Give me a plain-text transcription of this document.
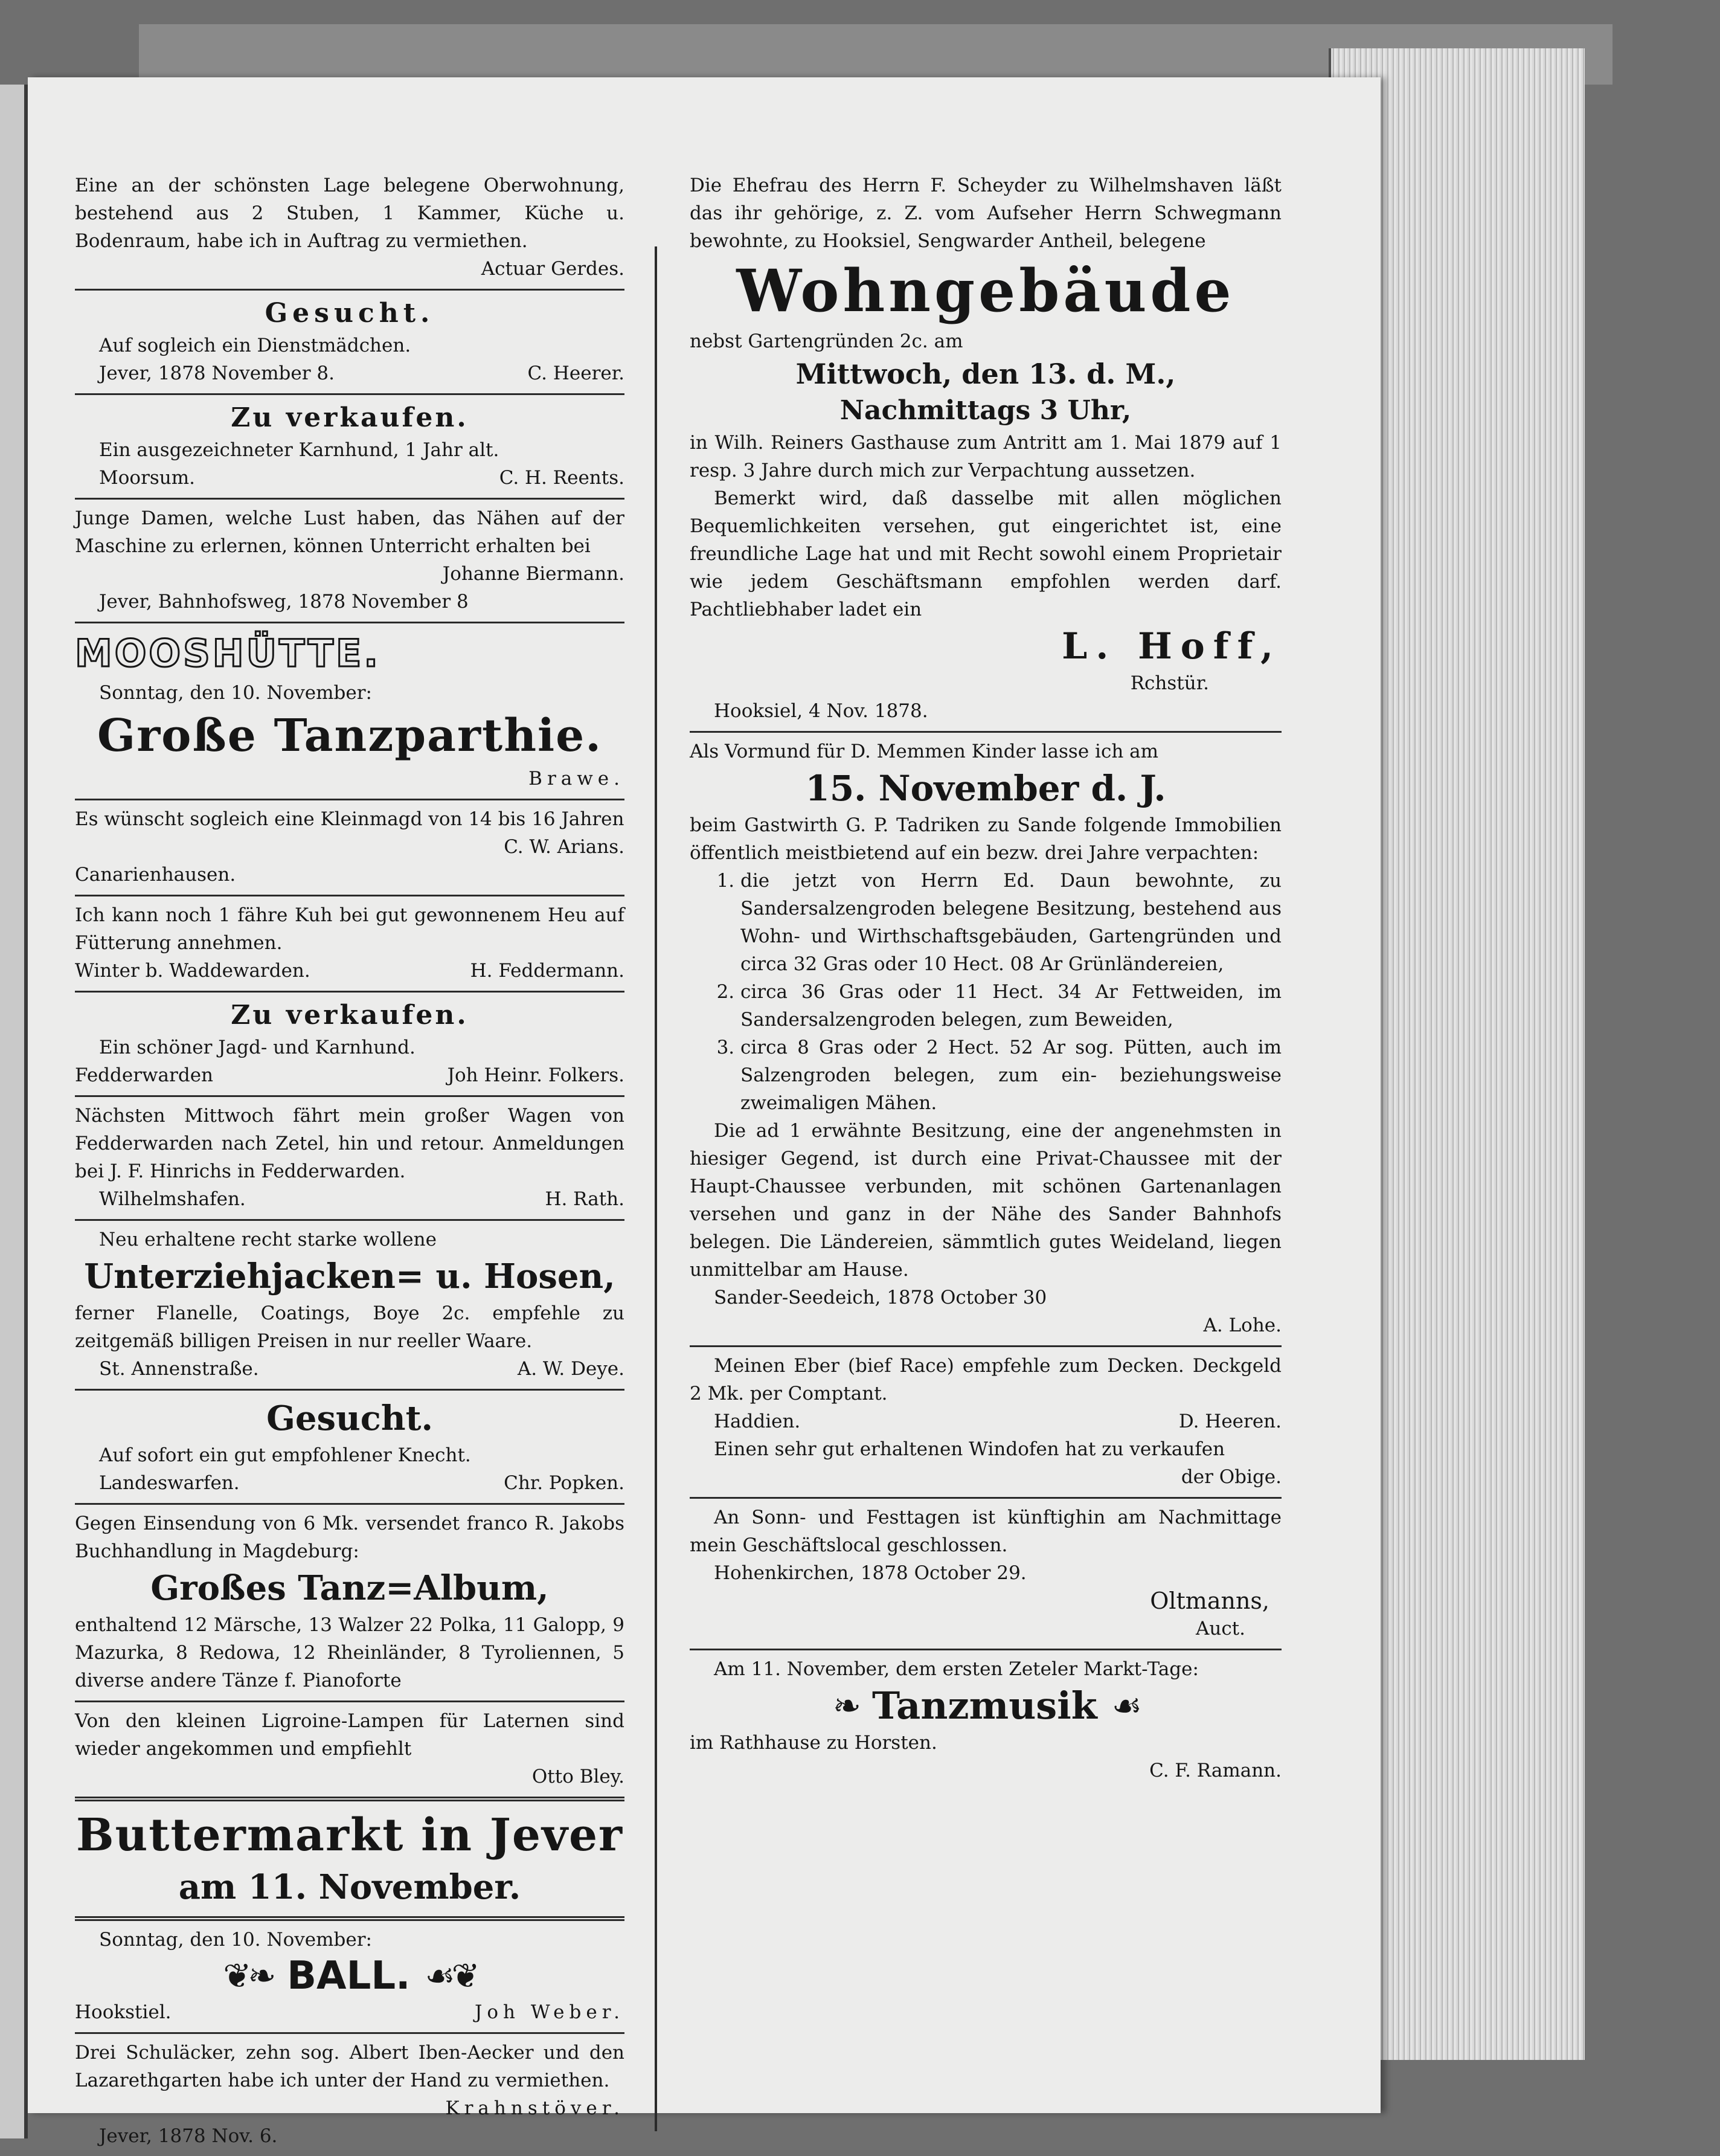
Eine an der schönsten Lage belegene Oberwohnung, bestehend aus 2 Stuben, 1 Kammer, Küche u. Bodenraum, habe ich in Auftrag zu vermiethen.

Actuar Gerdes.

Gesucht.

Auf sogleich ein Dienstmädchen.

Jever, 1878 November 8.	C. Heerer.
Zu verkaufen.

Ein ausgezeichneter Karnhund, 1 Jahr alt.

Moorsum.	C. H. Reents.

Junge Damen, welche Lust haben, das Nähen auf der Maschine zu erlernen, können Unterricht erhalten bei

Johanne Biermann.

Jever, Bahnhofsweg, 1878 November 8

MOOSHÜTTE.

Sonntag, den 10. November:

Große Tanzparthie.

Brawe.

Es wünscht sogleich eine Kleinmagd von 14 bis 16 Jahren

C. W. Arians.

Canarienhausen.

Ich kann noch 1 fähre Kuh bei gut gewonnenem Heu auf Fütterung annehmen.

Winter b. Waddewarden.	H. Feddermann.
Zu verkaufen.

Ein schöner Jagd- und Karnhund.

Fedderwarden	Joh Heinr. Folkers.

Nächsten Mittwoch fährt mein großer Wagen von Fedderwarden nach Zetel, hin und retour. Anmeldungen bei J. F. Hinrichs in Fedderwarden.

Wilhelmshafen.	H. Rath.

Neu erhaltene recht starke wollene

Unterziehjacken= u. Hosen,

ferner Flanelle, Coatings, Boye 2c. empfehle zu zeitgemäß billigen Preisen in nur reeller Waare.

St. Annenstraße.	A. W. Deye.
Gesucht.

Auf sofort ein gut empfohlener Knecht.

Landeswarfen.	Chr. Popken.

Gegen Einsendung von 6 Mk. versendet franco R. Jakobs Buchhandlung in Magdeburg:

Großes Tanz=Album,

enthaltend 12 Märsche, 13 Walzer 22 Polka, 11 Galopp, 9 Mazurka, 8 Redowa, 12 Rheinländer, 8 Tyroliennen, 5 diverse andere Tänze f. Pianoforte

Von den kleinen Ligroine-Lampen für Laternen sind wieder angekommen und empfiehlt

Otto Bley.

Buttermarkt in Jever
am 11. November.

Sonntag, den 10. November:

❦❧ BALL. ☙❦
Hookstiel.	Joh Weber.

Drei Schuläcker, zehn sog. Albert Iben-Aecker und den Lazarethgarten habe ich unter der Hand zu vermiethen.

Krahnstöver.

Jever, 1878 Nov. 6.

Die Ehefrau des Herrn F. Scheyder zu Wilhelmshaven läßt das ihr gehörige, z. Z. vom Aufseher Herrn Schwegmann bewohnte, zu Hooksiel, Sengwarder Antheil, belegene

Wohngebäude

nebst Gartengründen 2c. am

Mittwoch, den 13. d. M.,
Nachmittags 3 Uhr,

in Wilh. Reiners Gasthause zum Antritt am 1. Mai 1879 auf 1 resp. 3 Jahre durch mich zur Verpachtung aussetzen.

Bemerkt wird, daß dasselbe mit allen möglichen Bequemlichkeiten versehen, gut eingerichtet ist, eine freundliche Lage hat und mit Recht sowohl einem Proprietair wie jedem Geschäftsmann empfohlen werden darf. Pachtliebhaber ladet ein

L. Hoff,

Rchstür.

Hooksiel, 4 Nov. 1878.

Als Vormund für D. Memmen Kinder lasse ich am

15. November d. J.

beim Gastwirth G. P. Tadriken zu Sande folgende Immobilien öffentlich meistbietend auf ein bezw. drei Jahre verpachten:

1. die jetzt von Herrn Ed. Daun bewohnte, zu Sandersalzengroden belegene Besitzung, bestehend aus Wohn- und Wirthschaftsgebäuden, Gartengründen und circa 32 Gras oder 10 Hect. 08 Ar Grünländereien,
2. circa 36 Gras oder 11 Hect. 34 Ar Fettweiden, im Sandersalzengroden belegen, zum Beweiden,
3. circa 8 Gras oder 2 Hect. 52 Ar sog. Pütten, auch im Salzengroden belegen, zum ein- beziehungsweise zweimaligen Mähen.

Die ad 1 erwähnte Besitzung, eine der angenehmsten in hiesiger Gegend, ist durch eine Privat-Chaussee mit der Haupt-Chaussee verbunden, mit schönen Gartenanlagen versehen und ganz in der Nähe des Sander Bahnhofs belegen. Die Ländereien, sämmtlich gutes Weideland, liegen unmittelbar am Hause.

Sander-Seedeich, 1878 October 30

A. Lohe.

Meinen Eber (bief Race) empfehle zum Decken. Deckgeld 2 Mk. per Comptant.

Haddien.	D. Heeren.

Einen sehr gut erhaltenen Windofen hat zu verkaufen

der Obige.

An Sonn- und Festtagen ist künftighin am Nachmittage mein Geschäftslocal geschlossen.

Hohenkirchen, 1878 October 29.

Oltmanns,

Auct.

Am 11. November, dem ersten Zeteler Markt-Tage:

❧ Tanzmusik ☙

im Rathhause zu Horsten.

C. F. Ramann.
